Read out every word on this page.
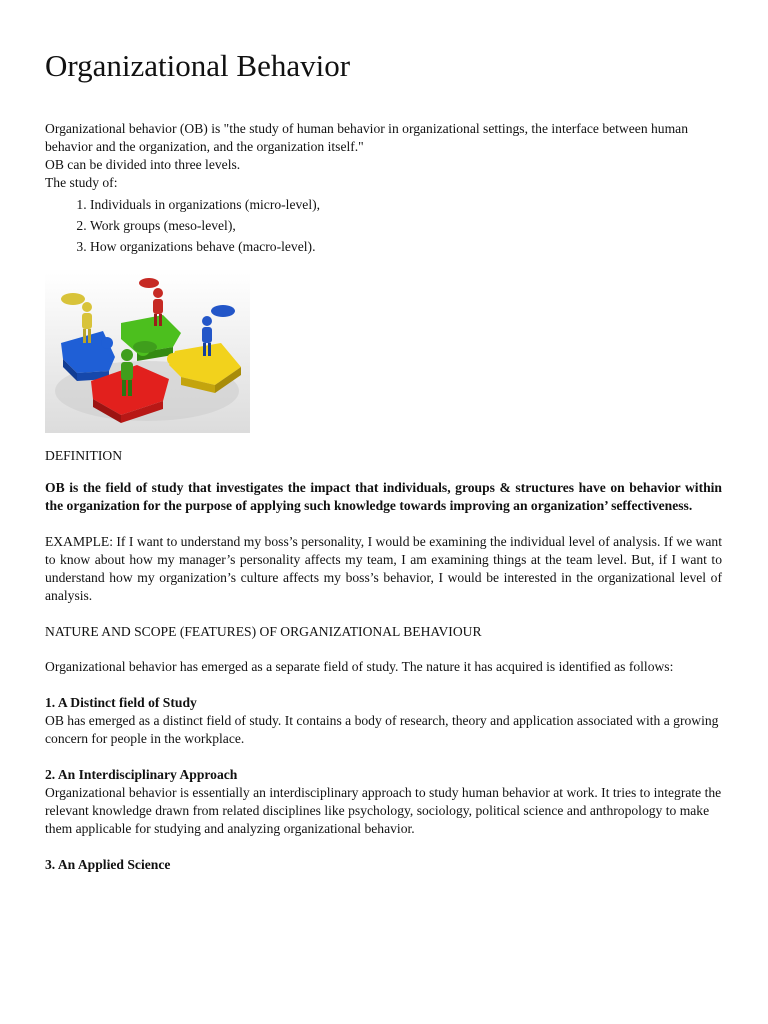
Organizational Behavior

Organizational behavior (OB) is "the study of human behavior in organizational settings, the interface between human behavior and the organization, and the organization itself."

OB can be divided into three levels.

The study of:

1. Individuals in organizations (micro-level),
2. Work groups (meso-level),
3. How organizations behave (macro-level).

DEFINITION

OB is the field of study that investigates the impact that individuals, groups & structures have on behavior within the organization for the purpose of applying such knowledge towards improving an organization’ seffectiveness.

EXAMPLE: If I want to understand my boss’s personality, I would be examining the individual level of analysis. If we want to know about how my manager’s personality affects my team, I am examining things at the team level. But, if I want to understand how my organization’s culture affects my boss’s behavior, I would be interested in the organizational level of analysis.

NATURE AND SCOPE (FEATURES) OF ORGANIZATIONAL BEHAVIOUR

Organizational behavior has emerged as a separate field of study. The nature it has acquired is identified as follows:

1. A Distinct field of Study

OB has emerged as a distinct field of study. It contains a body of research, theory and application associated with a growing concern for people in the workplace.

2. An Interdisciplinary Approach

Organizational behavior is essentially an interdisciplinary approach to study human behavior at work. It tries to integrate the relevant knowledge drawn from related disciplines like psychology, sociology, political science and anthropology to make them applicable for studying and analyzing organizational behavior.

3. An Applied Science
